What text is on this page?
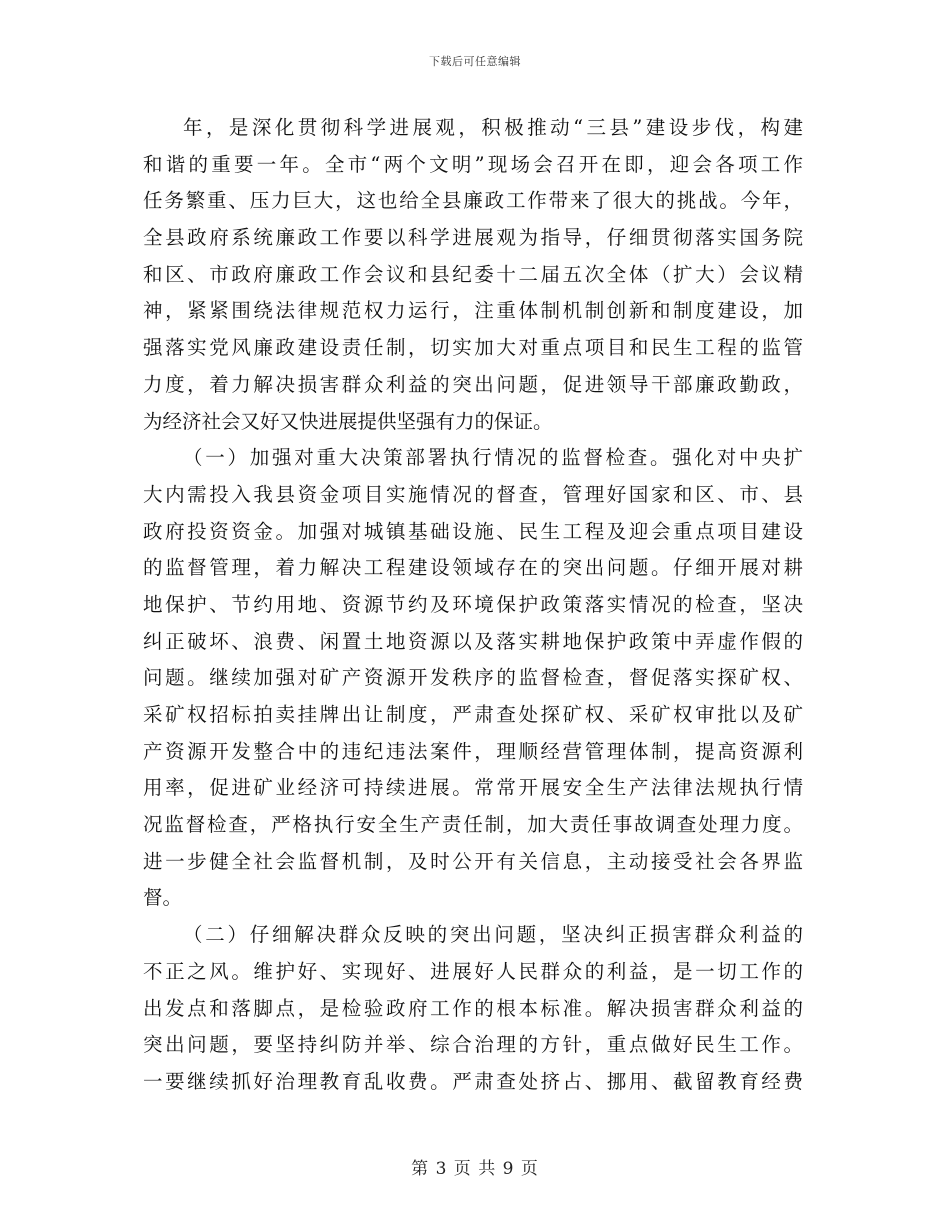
下载后可任意编辑
年，是深化贯彻科学进展观，积极推动“三县”建设步伐，构建
和谐的重要一年。全市“两个文明”现场会召开在即，迎会各项工作
任务繁重、压力巨大，这也给全县廉政工作带来了很大的挑战。今年，
全县政府系统廉政工作要以科学进展观为指导，仔细贯彻落实国务院
和区、市政府廉政工作会议和县纪委十二届五次全体（扩大）会议精
神，紧紧围绕法律规范权力运行，注重体制机制创新和制度建设，加
强落实党风廉政建设责任制，切实加大对重点项目和民生工程的监管
力度，着力解决损害群众利益的突出问题，促进领导干部廉政勤政，
为经济社会又好又快进展提供坚强有力的保证。
（一）加强对重大决策部署执行情况的监督检查。强化对中央扩
大内需投入我县资金项目实施情况的督查，管理好国家和区、市、县
政府投资资金。加强对城镇基础设施、民生工程及迎会重点项目建设
的监督管理，着力解决工程建设领域存在的突出问题。仔细开展对耕
地保护、节约用地、资源节约及环境保护政策落实情况的检查，坚决
纠正破坏、浪费、闲置土地资源以及落实耕地保护政策中弄虚作假的
问题。继续加强对矿产资源开发秩序的监督检查，督促落实探矿权、
采矿权招标拍卖挂牌出让制度，严肃查处探矿权、采矿权审批以及矿
产资源开发整合中的违纪违法案件，理顺经营管理体制，提高资源利
用率，促进矿业经济可持续进展。常常开展安全生产法律法规执行情
况监督检查，严格执行安全生产责任制，加大责任事故调查处理力度。
进一步健全社会监督机制，及时公开有关信息，主动接受社会各界监
督。
（二）仔细解决群众反映的突出问题，坚决纠正损害群众利益的
不正之风。维护好、实现好、进展好人民群众的利益，是一切工作的
出发点和落脚点，是检验政府工作的根本标准。解决损害群众利益的
突出问题，要坚持纠防并举、综合治理的方针，重点做好民生工作。
一要继续抓好治理教育乱收费。严肃查处挤占、挪用、截留教育经费
第 3 页 共 9 页
